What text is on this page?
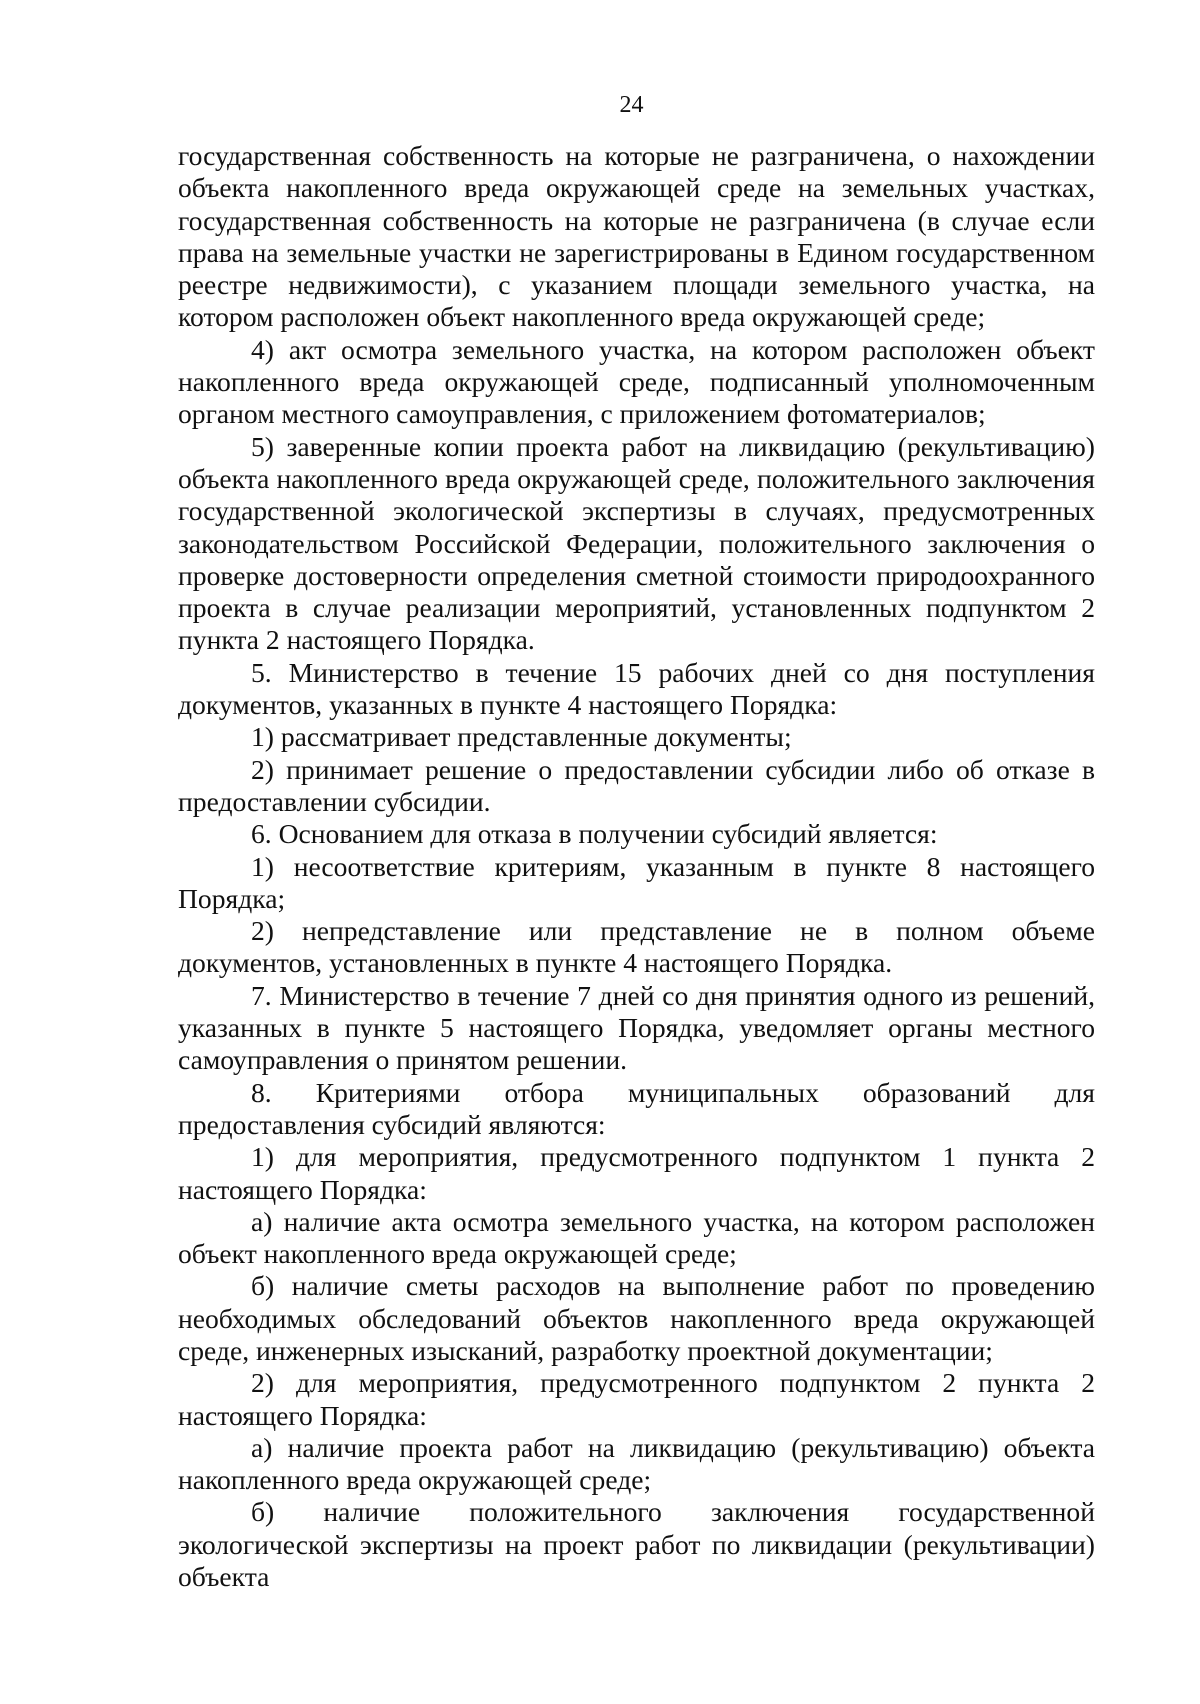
24

государственная собственность на которые не разграничена, о нахождении объекта накопленного вреда окружающей среде на земельных участках, государственная собственность на которые не разграничена (в случае если права на земельные участки не зарегистрированы в Едином государственном реестре недвижимости), с указанием площади земельного участка, на котором расположен объект накопленного вреда окружающей среде;

4) акт осмотра земельного участка, на котором расположен объект накопленного вреда окружающей среде, подписанный уполномоченным органом местного самоуправления, с приложением фотоматериалов;

5) заверенные копии проекта работ на ликвидацию (рекультивацию) объекта накопленного вреда окружающей среде, положительного заключения государственной экологической экспертизы в случаях, предусмотренных законодательством Российской Федерации, положительного заключения о проверке достоверности определения сметной стоимости природоохранного проекта в случае реализации мероприятий, установленных подпунктом 2 пункта 2 настоящего Порядка.

5. Министерство в течение 15 рабочих дней со дня поступления документов, указанных в пункте 4 настоящего Порядка:

1) рассматривает представленные документы;

2) принимает решение о предоставлении субсидии либо об отказе в предоставлении субсидии.

6. Основанием для отказа в получении субсидий является:

1) несоответствие критериям, указанным в пункте 8 настоящего Порядка;

2) непредставление или представление не в полном объеме документов, установленных в пункте 4 настоящего Порядка.

7. Министерство в течение 7 дней со дня принятия одного из решений, указанных в пункте 5 настоящего Порядка, уведомляет органы местного самоуправления о принятом решении.

8. Критериями отбора муниципальных образований для предоставления субсидий являются:

1) для мероприятия, предусмотренного подпунктом 1 пункта 2 настоящего Порядка:

а) наличие акта осмотра земельного участка, на котором расположен объект накопленного вреда окружающей среде;

б) наличие сметы расходов на выполнение работ по проведению необходимых обследований объектов накопленного вреда окружающей среде, инженерных изысканий, разработку проектной документации;

2) для мероприятия, предусмотренного подпунктом 2 пункта 2 настоящего Порядка:

а) наличие проекта работ на ликвидацию (рекультивацию) объекта накопленного вреда окружающей среде;

б) наличие положительного заключения государственной экологической экспертизы на проект работ по ликвидации (рекультивации) объекта
